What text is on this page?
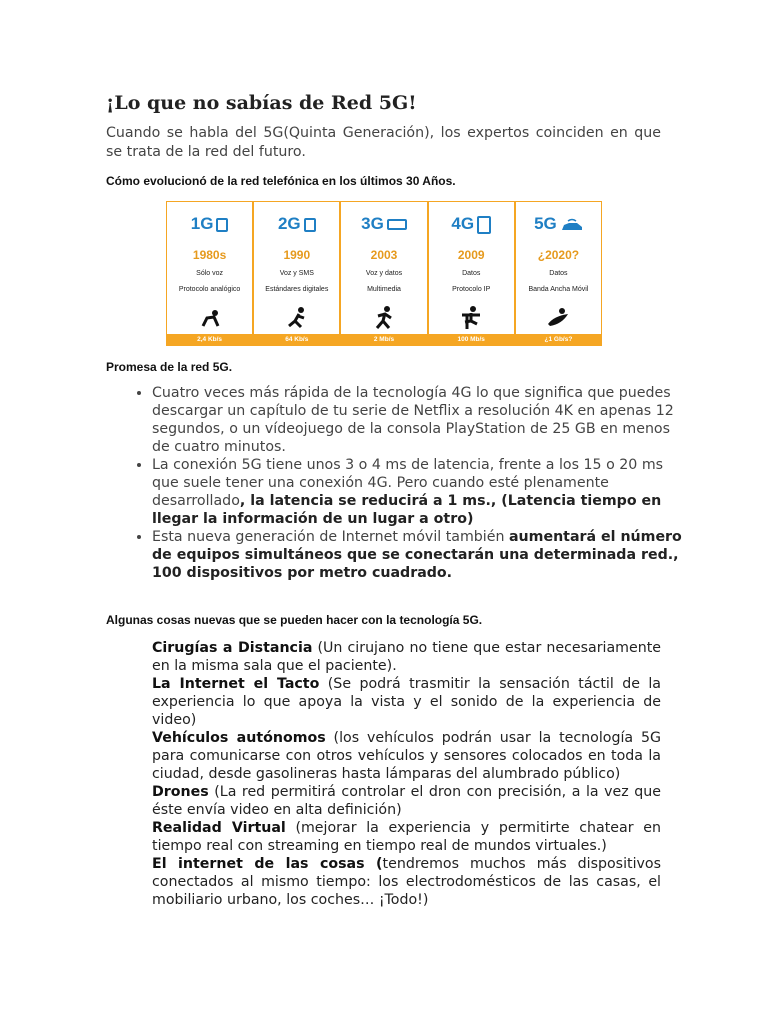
¡Lo que no sabías de Red 5G!

Cuando se habla del 5G(Quinta Generación), los expertos coinciden en que se trata de la red del futuro.

Cómo evolucionó de la red telefónica en los últimos 30 Años.

1G
1980s
Sólo voz
Protocolo analógico
2,4 Kb/s
2G
1990
Voz y SMS
Estándares digitales
64 Kb/s
3G
2003
Voz y datos
Multimedia
2 Mb/s
4G
2009
Datos
Protocolo IP
100 Mb/s
5G
¿2020?
Datos
Banda Ancha Móvil
¿1 Gb/s?

Promesa de la red 5G.

• Cuatro veces más rápida de la tecnología 4G lo que significa que puedes descargar un capítulo de tu serie de Netflix a resolución 4K en apenas 12 segundos, o un vídeojuego de la consola PlayStation de 25 GB en menos de cuatro minutos.
• La conexión 5G tiene unos 3 o 4 ms de latencia, frente a los 15 o 20 ms que suele tener una conexión 4G. Pero cuando esté plenamente desarrollado, la latencia se reducirá a 1 ms., (Latencia tiempo en llegar la información de un lugar a otro)
• Esta nueva generación de Internet móvil también aumentará el número de equipos simultáneos que se conectarán una determinada red., 100 dispositivos por metro cuadrado.

Algunas cosas nuevas que se pueden hacer con la tecnología 5G.

Cirugías a Distancia (Un cirujano no tiene que estar necesariamente en la misma sala que el paciente).

La Internet el Tacto (Se podrá trasmitir la sensación táctil de la experiencia lo que apoya la vista y el sonido de la experiencia de video)

Vehículos autónomos (los vehículos podrán usar la tecnología 5G para comunicarse con otros vehículos y sensores colocados en toda la ciudad, desde gasolineras hasta lámparas del alumbrado público)

Drones (La red permitirá controlar el dron con precisión, a la vez que éste envía video en alta definición)

Realidad Virtual (mejorar la experiencia y permitirte chatear en tiempo real con streaming en tiempo real de mundos virtuales.)

El internet de las cosas (tendremos muchos más dispositivos conectados al mismo tiempo: los electrodomésticos de las casas, el mobiliario urbano, los coches… ¡Todo!)
